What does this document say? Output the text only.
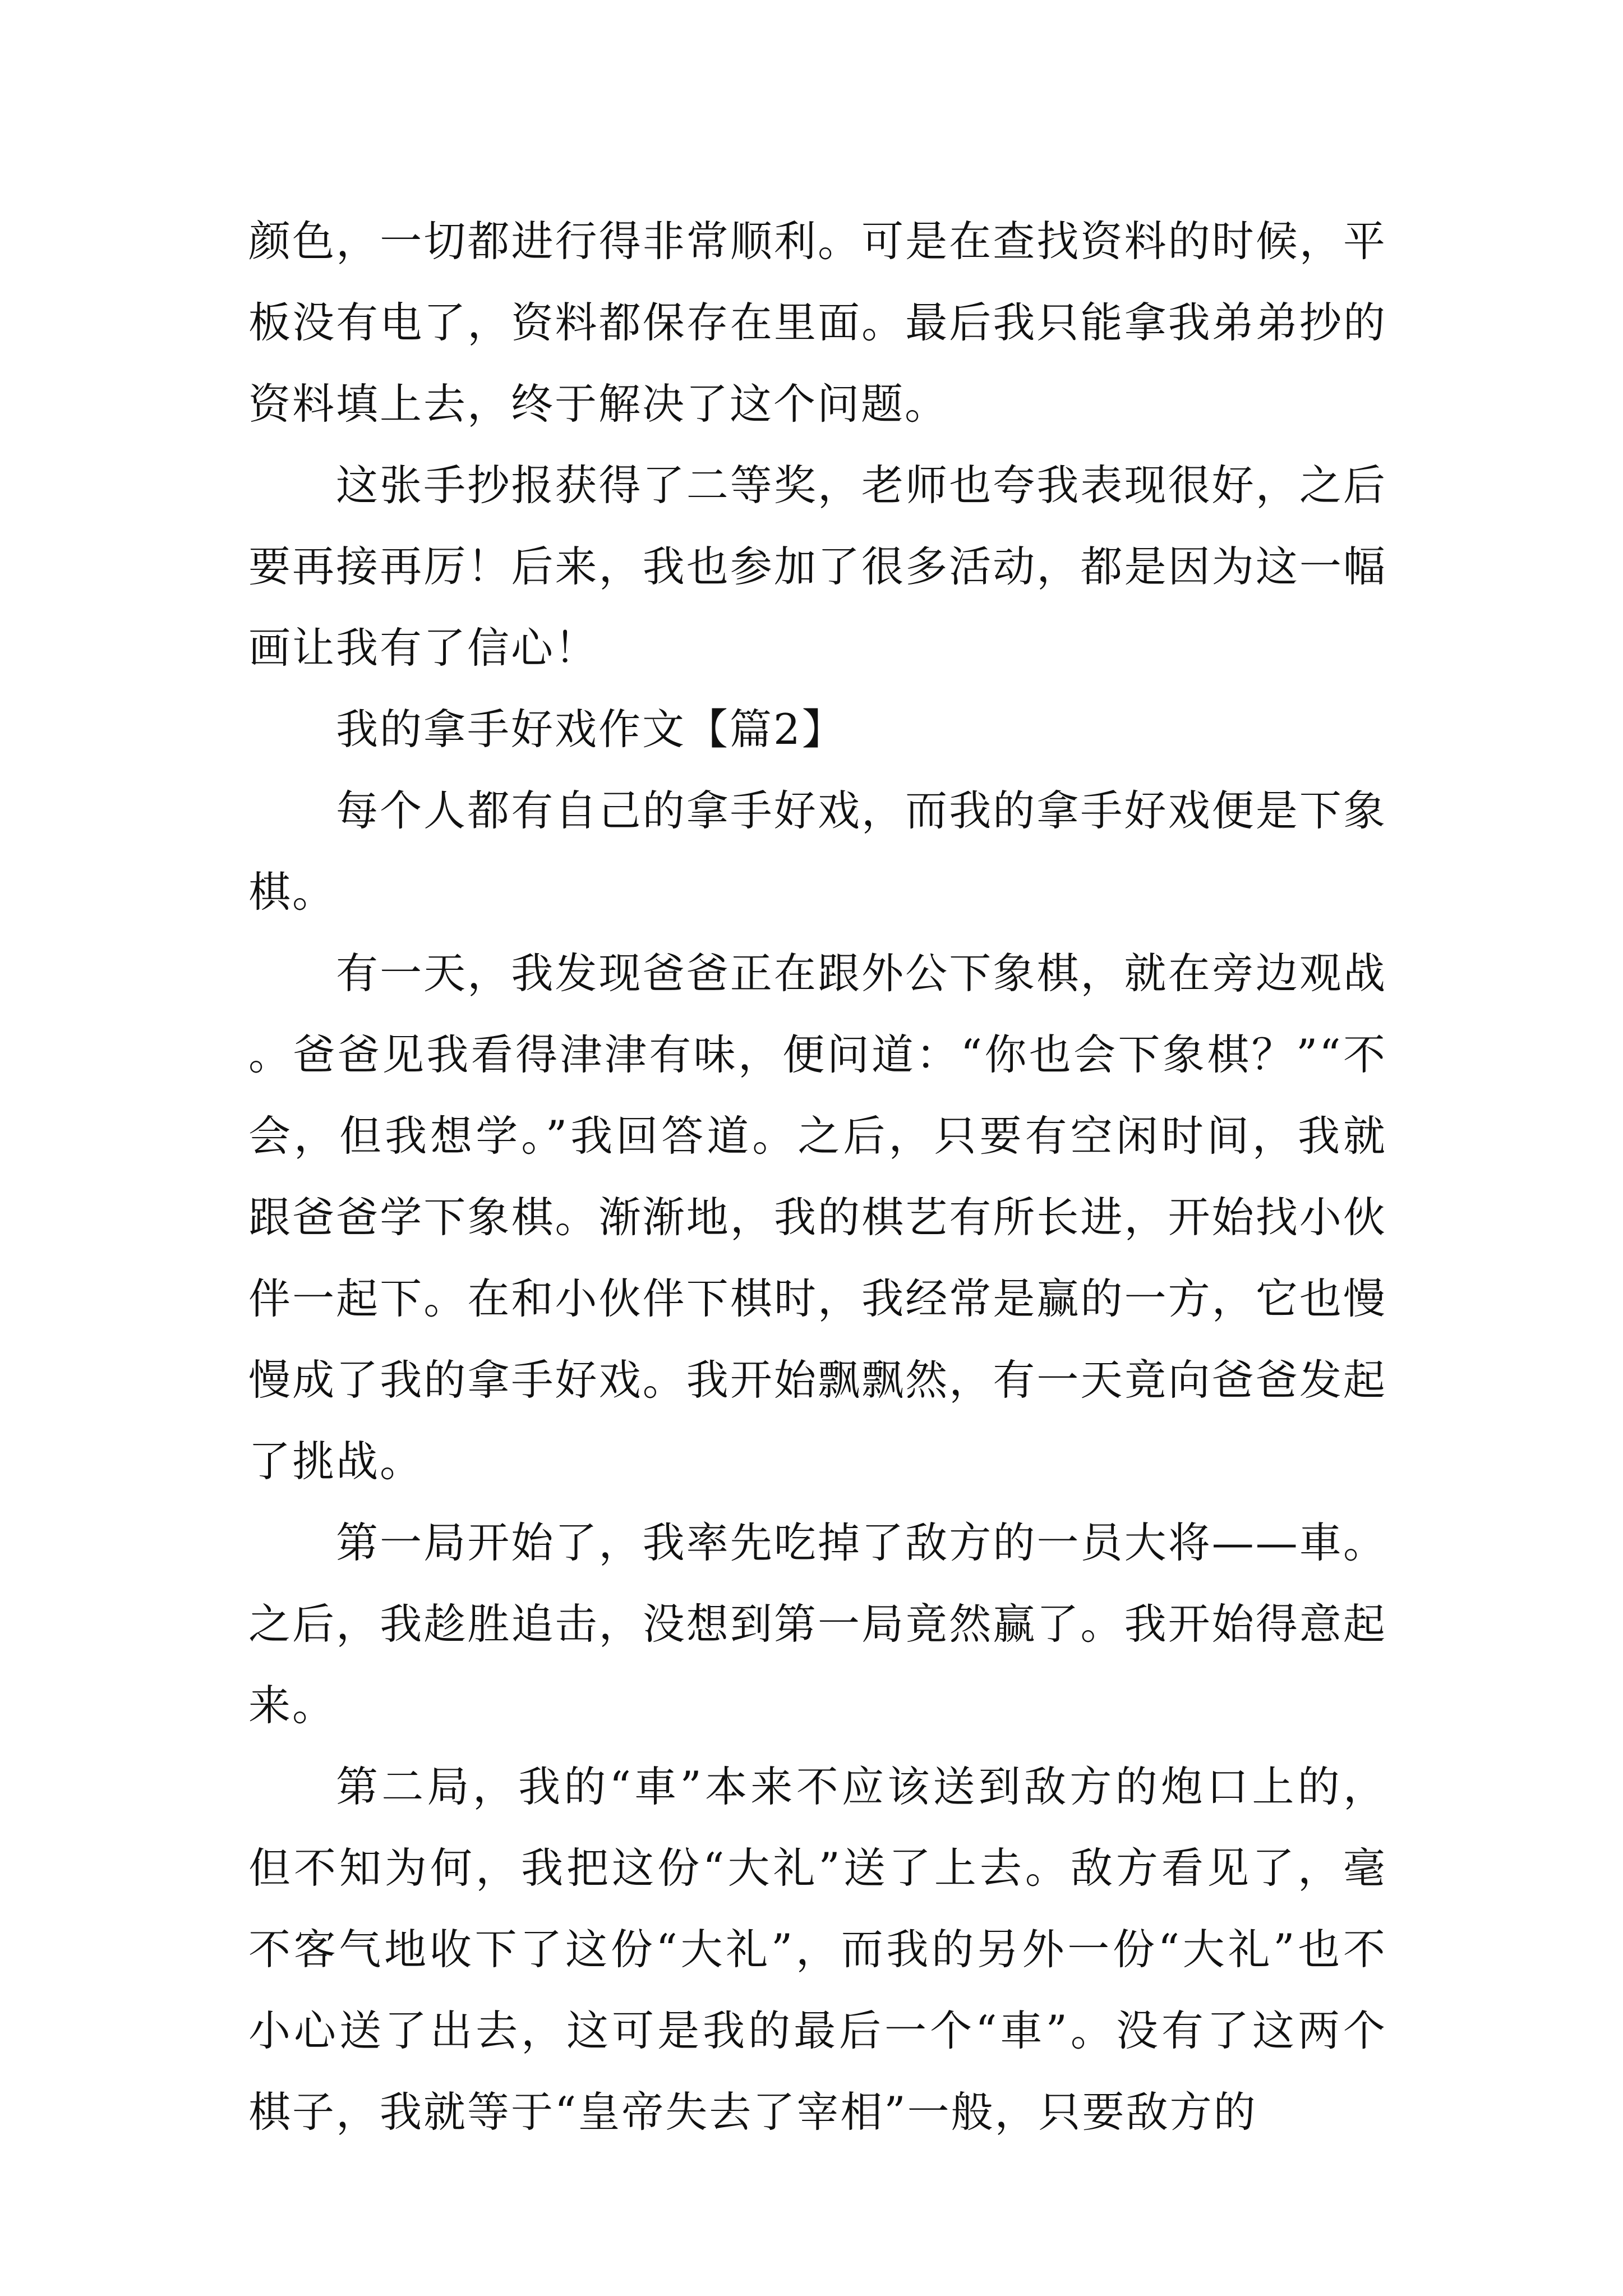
颜色，一切都进行得非常顺利。可是在查找资料的时候，平板没有电了，资料都保存在里面。最后我只能拿我弟弟抄的资料填上去，终于解决了这个问题。

这张手抄报获得了二等奖，老师也夸我表现很好，之后要再接再厉！后来，我也参加了很多活动，都是因为这一幅画让我有了信心！

我的拿手好戏作文【篇2】

每个人都有自己的拿手好戏，而我的拿手好戏便是下象棋。

有一天，我发现爸爸正在跟外公下象棋，就在旁边观战。爸爸见我看得津津有味，便问道：“你也会下象棋？”“不会，但我想学。”我回答道。之后，只要有空闲时间，我就跟爸爸学下象棋。渐渐地，我的棋艺有所长进，开始找小伙伴一起下。在和小伙伴下棋时，我经常是赢的一方，它也慢慢成了我的拿手好戏。我开始飘飘然，有一天竟向爸爸发起了挑战。

第一局开始了，我率先吃掉了敌方的一员大将——車。之后，我趁胜追击，没想到第一局竟然赢了。我开始得意起来。

第二局，我的“車”本来不应该送到敌方的炮口上的，但不知为何，我把这份“大礼”送了上去。敌方看见了，毫不客气地收下了这份“大礼”，而我的另外一份“大礼”也不小心送了出去，这可是我的最后一个“車”。没有了这两个棋子，我就等于“皇帝失去了宰相”一般，只要敌方的
